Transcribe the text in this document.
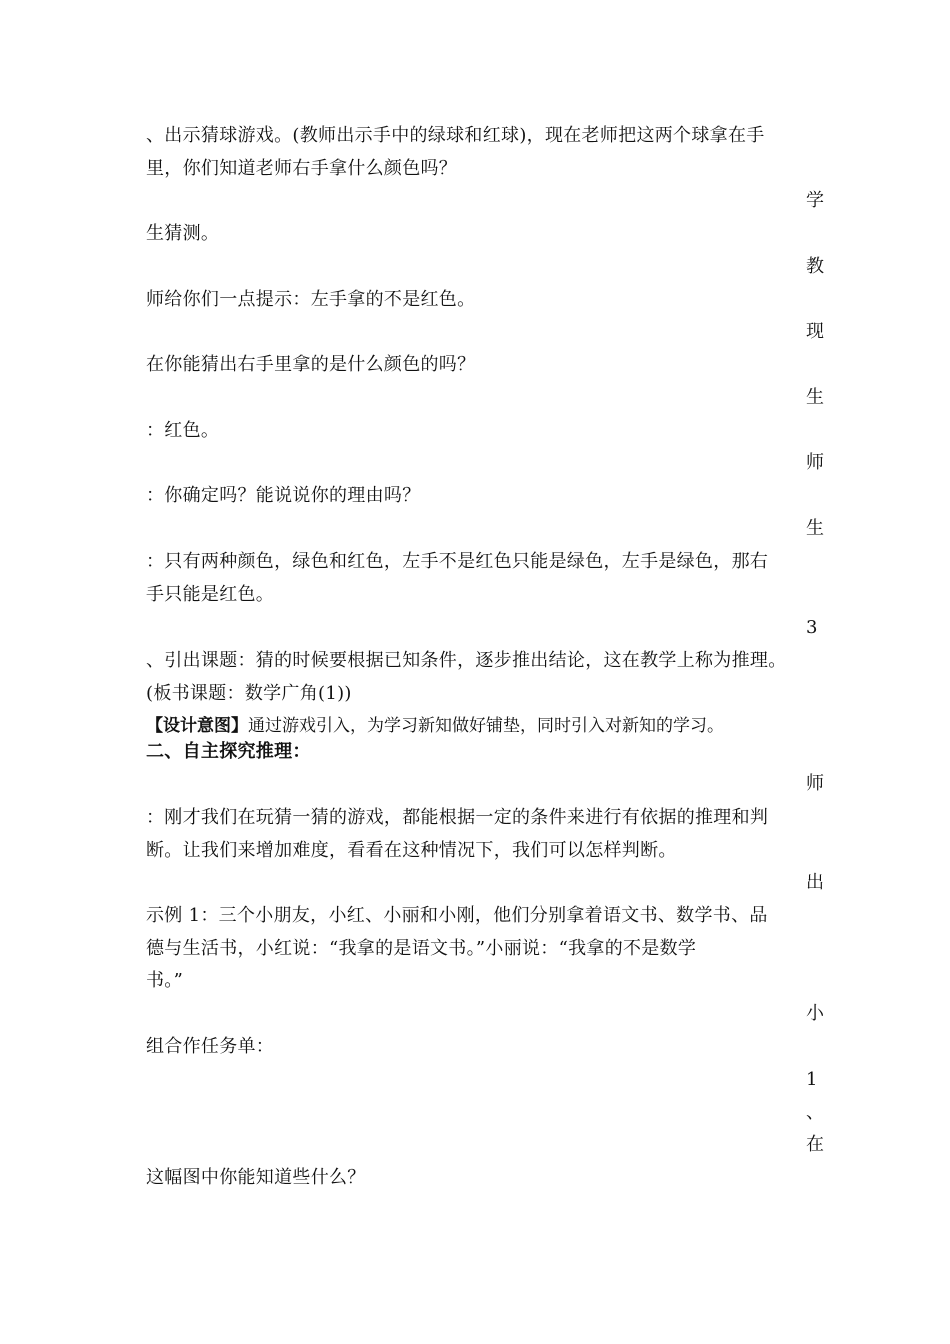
、出示猜球游戏。(教师出示手中的绿球和红球)，现在老师把这两个球拿在手
里，你们知道老师右手拿什么颜色吗？
学
生猜测。
教
师给你们一点提示：左手拿的不是红色。
现
在你能猜出右手里拿的是什么颜色的吗？
生
：红色。
师
：你确定吗？能说说你的理由吗？
生
：只有两种颜色，绿色和红色，左手不是红色只能是绿色，左手是绿色，那右
手只能是红色。
3
、引出课题：猜的时候要根据已知条件，逐步推出结论，这在教学上称为推理。
(板书课题：数学广角(1))
【设计意图】通过游戏引入，为学习新知做好铺垫，同时引入对新知的学习。
二、自主探究推理：
师
：刚才我们在玩猜一猜的游戏，都能根据一定的条件来进行有依据的推理和判
断。让我们来增加难度，看看在这种情况下，我们可以怎样判断。
出
示例 1：三个小朋友，小红、小丽和小刚，他们分别拿着语文书、数学书、品
德与生活书，小红说：“我拿的是语文书。”小丽说：“我拿的不是数学
书。”
小
组合作任务单：
1
、
在
这幅图中你能知道些什么？
